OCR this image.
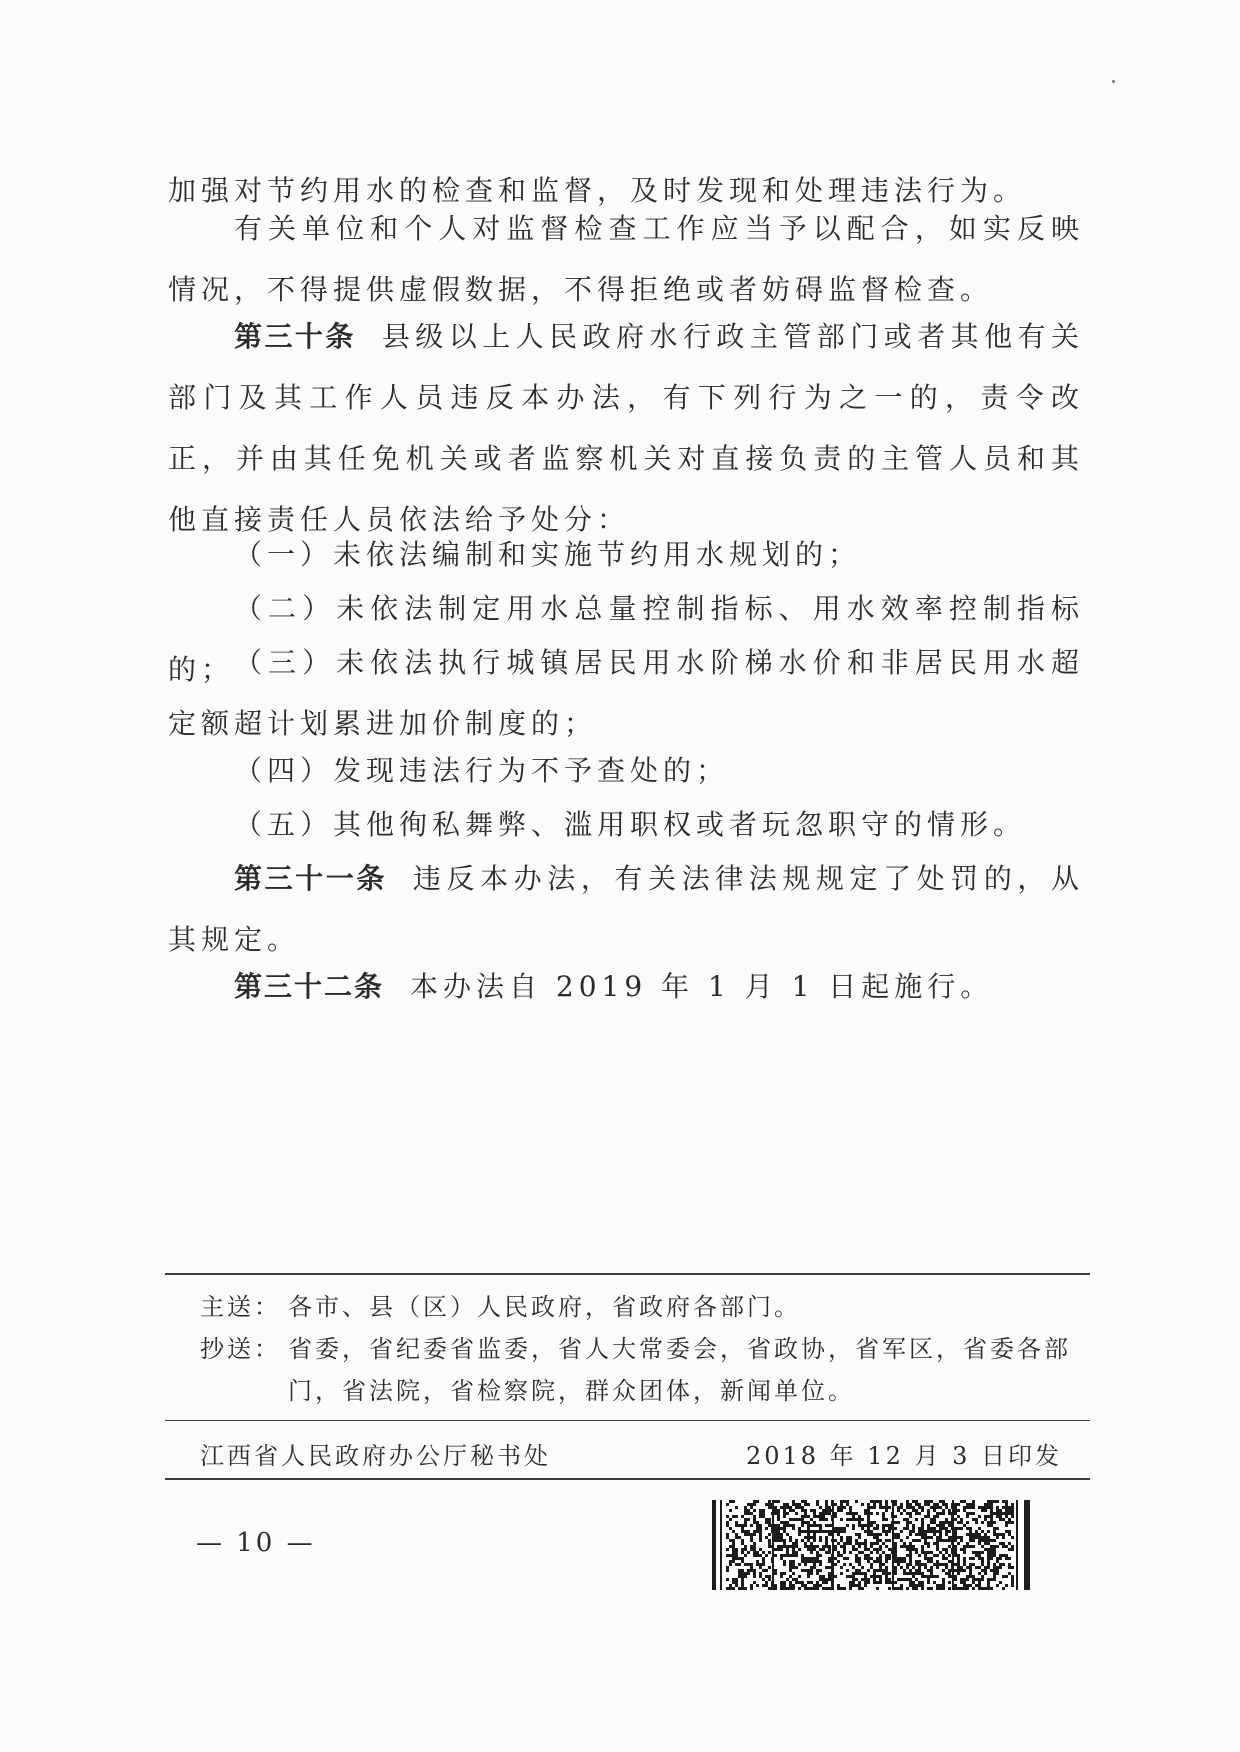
加强对节约用水的检查和监督，及时发现和处理违法行为。

有关单位和个人对监督检查工作应当予以配合，如实反映情况，不得提供虚假数据，不得拒绝或者妨碍监督检查。

第三十条 县级以上人民政府水行政主管部门或者其他有关部门及其工作人员违反本办法，有下列行为之一的，责令改正，并由其任免机关或者监察机关对直接负责的主管人员和其他直接责任人员依法给予处分：

（一）未依法编制和实施节约用水规划的；

（二）未依法制定用水总量控制指标、用水效率控制指标的； （三）未依法执行城镇居民用水阶梯水价和非居民用水超定额超计划累进加价制度的；

（四）发现违法行为不予查处的；

（五）其他徇私舞弊、滥用职权或者玩忽职守的情形。

第三十一条 违反本办法，有关法律法规规定了处罚的，从其规定。

第三十二条 本办法自 2019 年 1 月 1 日起施行。

主送： 各市、县（区）人民政府，省政府各部门。
抄送： 省委，省纪委省监委，省人大常委会，省政协，省军区，省委各部门，省法院，省检察院，群众团体，新闻单位。
江西省人民政府办公厅秘书处	2018 年 12 月 3 日印发
— 10 —
